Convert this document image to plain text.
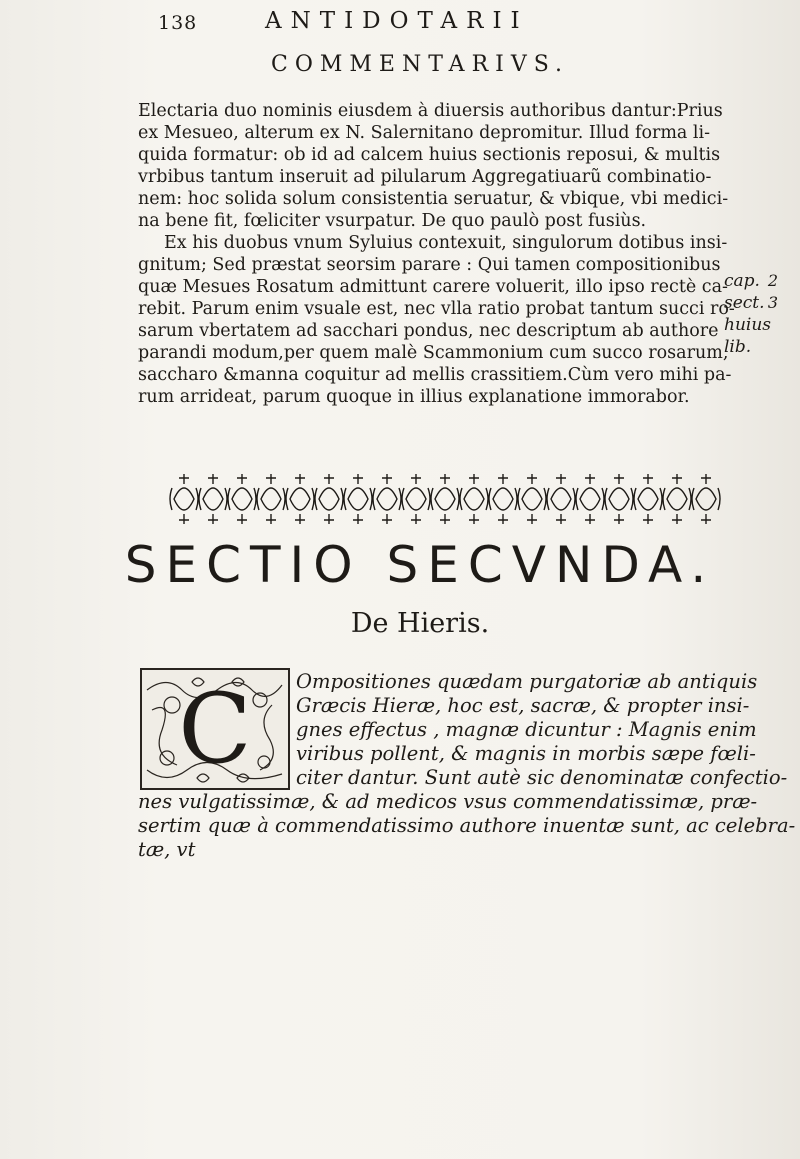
138	ANTIDOTARII
COMMENTARIVS.

Electaria duo nominis eiusdem à diuersis authoribus dantur:Prius
ex Mesueo, alterum ex N. Salernitano depromitur. Illud forma li-
quida formatur: ob id ad calcem huius sectionis reposui, & multis
vrbibus tantum inseruit ad pilularum Aggregatiuarũ combinatio-
nem: hoc solida solum consistentia seruatur, & vbique, vbi medici-
na bene fit, fœliciter vsurpatur. De quo paulò post fusiùs.

Ex his duobus vnum Syluius contexuit, singulorum dotibus insi-
gnitum; Sed præstat seorsim parare : Qui tamen compositionibus
quæ Mesues Rosatum admittunt carere voluerit, illo ipso rectè ca-
rebit. Parum enim vsuale est, nec vlla ratio probat tantum succi ro-
sarum vbertatem ad sacchari pondus, nec descriptum ab authore
parandi modum,per quem malè Scammonium cum succo rosarum,
saccharo &manna coquitur ad mellis crassitiem.Cùm vero mihi pa-
rum arrideat, parum quoque in illius explanatione immorabor.

cap.
sect.
huius
lib.
2
3
SECTIO SECVNDA.
De Hieris.
C	Ompositiones quædam purgatoriæ ab antiquis
Græcis Hieræ, hoc est, sacræ, & propter insi-
gnes effectus , magnæ dicuntur : Magnis enim
viribus pollent, & magnis in morbis sæpe fœli-
citer dantur. Sunt autè sic denominatæ confectio-
nes vulgatissimæ, & ad medicos vsus commendatissimæ, præ-
sertim quæ à commendatissimo authore inuentæ sunt, ac celebra-
tæ, vt
